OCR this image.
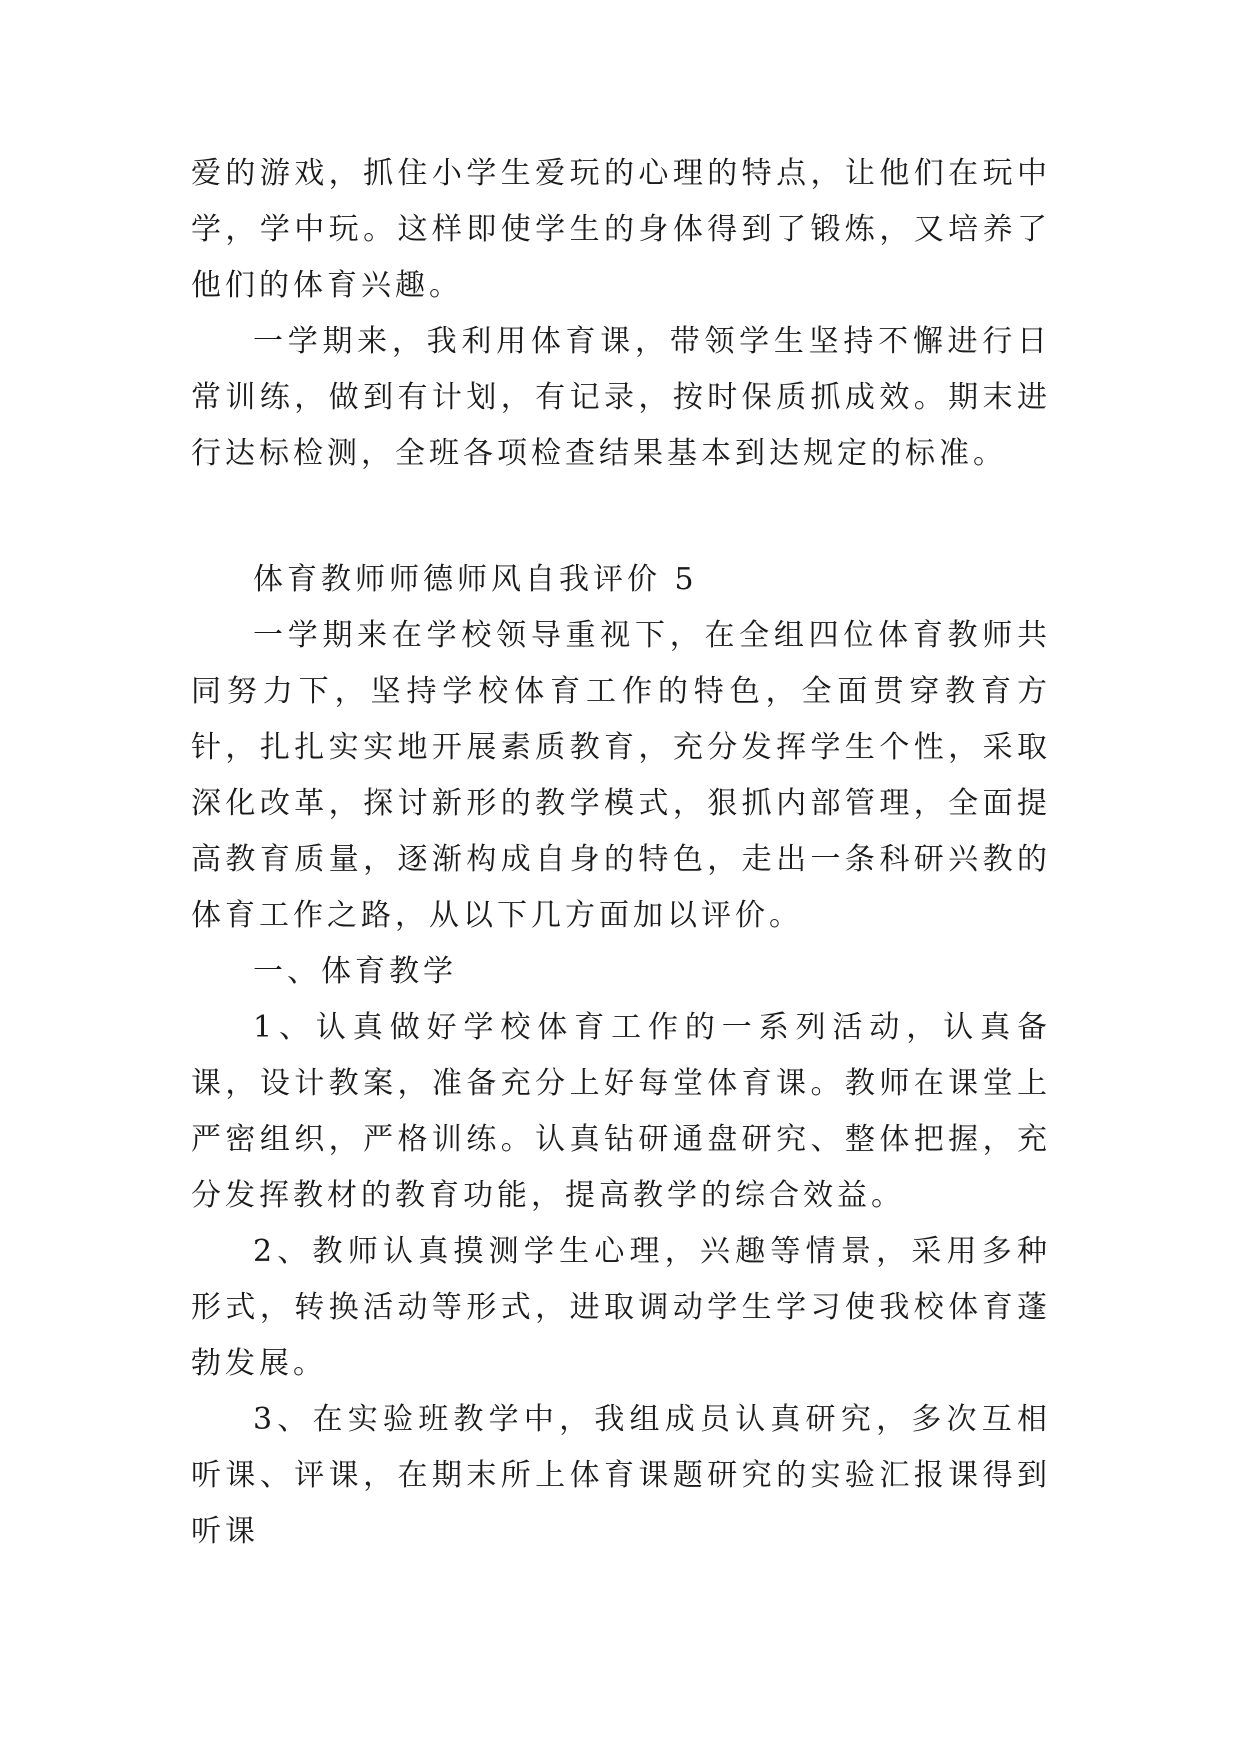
爱的游戏，抓住小学生爱玩的心理的特点，让他们在玩中学，学中玩。这样即使学生的身体得到了锻炼，又培养了他们的体育兴趣。

一学期来，我利用体育课，带领学生坚持不懈进行日常训练，做到有计划，有记录，按时保质抓成效。期末进行达标检测，全班各项检查结果基本到达规定的标准。

体育教师师德师风自我评价 5

一学期来在学校领导重视下，在全组四位体育教师共同努力下，坚持学校体育工作的特色，全面贯穿教育方针，扎扎实实地开展素质教育，充分发挥学生个性，采取深化改革，探讨新形的教学模式，狠抓内部管理，全面提高教育质量，逐渐构成自身的特色，走出一条科研兴教的体育工作之路，从以下几方面加以评价。

一、体育教学

1、认真做好学校体育工作的一系列活动，认真备课，设计教案，准备充分上好每堂体育课。教师在课堂上严密组织，严格训练。认真钻研通盘研究、整体把握，充分发挥教材的教育功能，提高教学的综合效益。

2、教师认真摸测学生心理，兴趣等情景，采用多种形式，转换活动等形式，进取调动学生学习使我校体育蓬勃发展。

3、在实验班教学中，我组成员认真研究，多次互相听课、评课，在期末所上体育课题研究的实验汇报课得到听课
